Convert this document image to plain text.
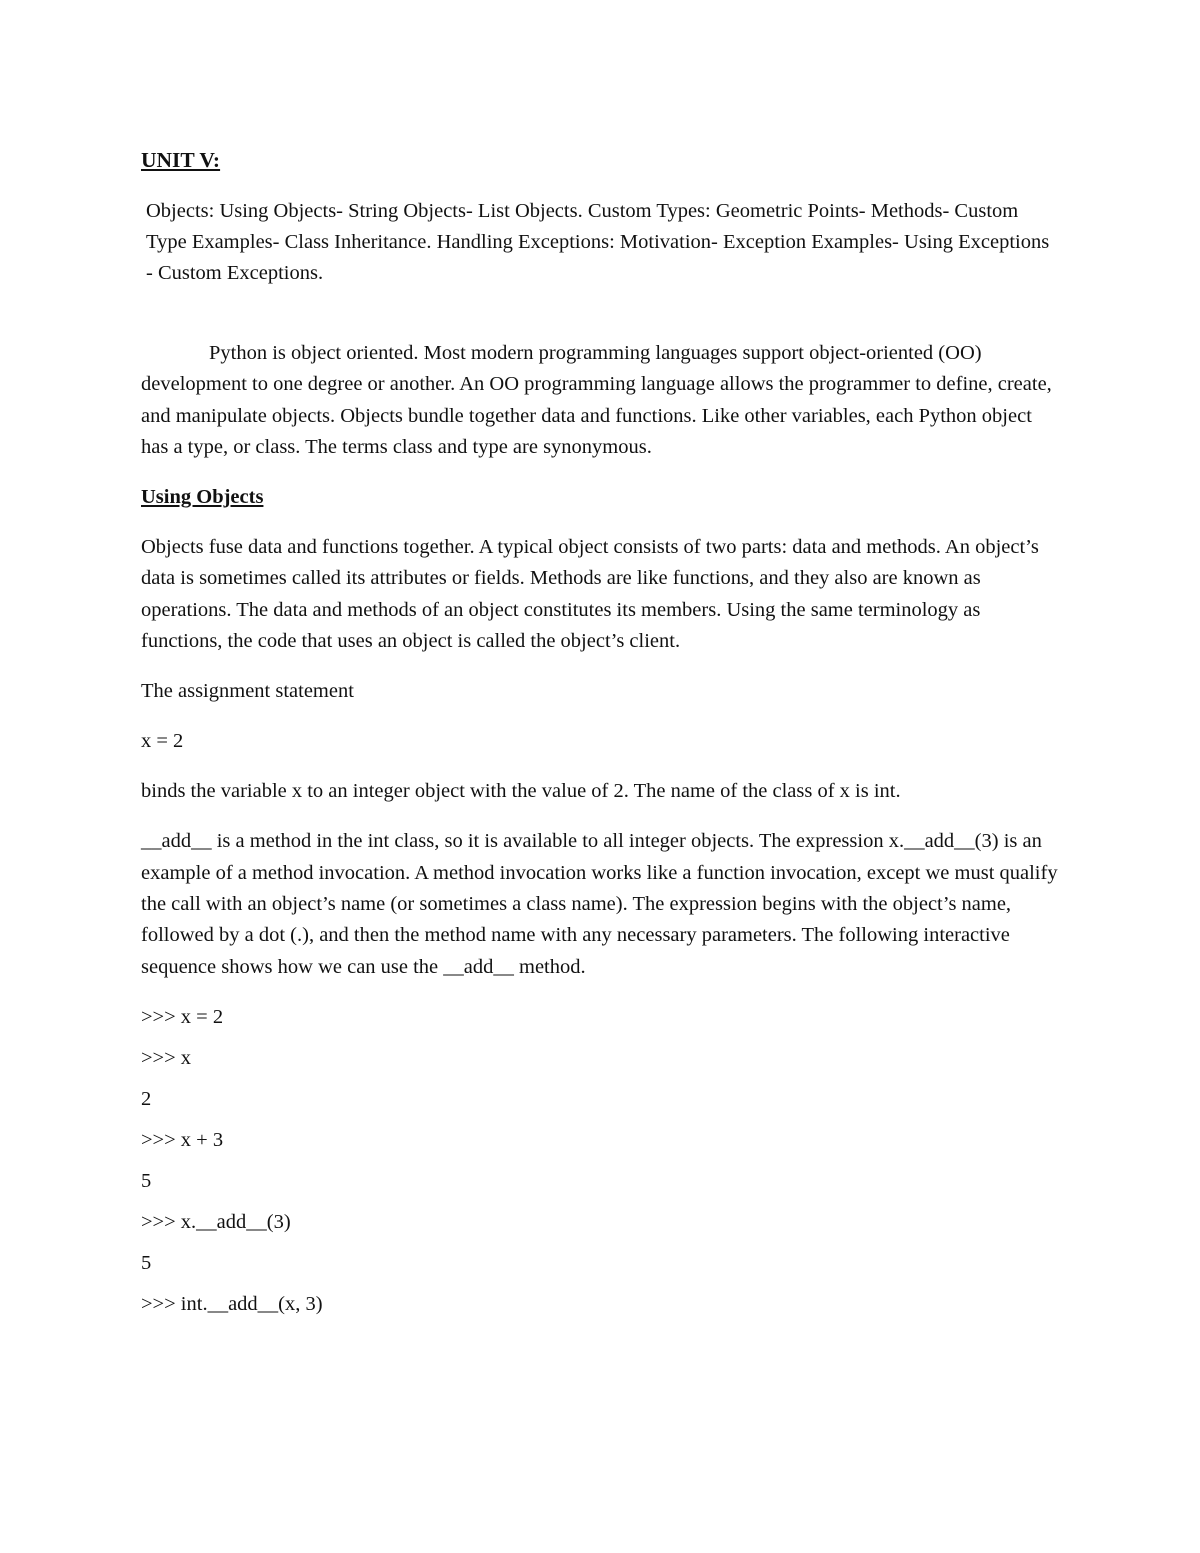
UNIT V:

Objects: Using Objects- String Objects- List Objects. Custom Types: Geometric Points- Methods- Custom Type Examples- Class Inheritance. Handling Exceptions: Motivation- Exception Examples- Using Exceptions - Custom Exceptions.

Python is object oriented. Most modern programming languages support object-oriented (OO) development to one degree or another. An OO programming language allows the programmer to define, create, and manipulate objects. Objects bundle together data and functions. Like other variables, each Python object has a type, or class. The terms class and type are synonymous.

Using Objects

Objects fuse data and functions together. A typical object consists of two parts: data and methods. An object’s data is sometimes called its attributes or fields. Methods are like functions, and they also are known as operations. The data and methods of an object constitutes its members. Using the same terminology as functions, the code that uses an object is called the object’s client.

The assignment statement

x = 2

binds the variable x to an integer object with the value of 2. The name of the class of x is int.

__add__ is a method in the int class, so it is available to all integer objects. The expression x.__add__(3) is an example of a method invocation. A method invocation works like a function invocation, except we must qualify the call with an object’s name (or sometimes a class name). The expression begins with the object’s name, followed by a dot (.), and then the method name with any necessary parameters. The following interactive sequence shows how we can use the __add__ method.

>>> x = 2

>>> x

2

>>> x + 3

5

>>> x.__add__(3)

5

>>> int.__add__(x, 3)
